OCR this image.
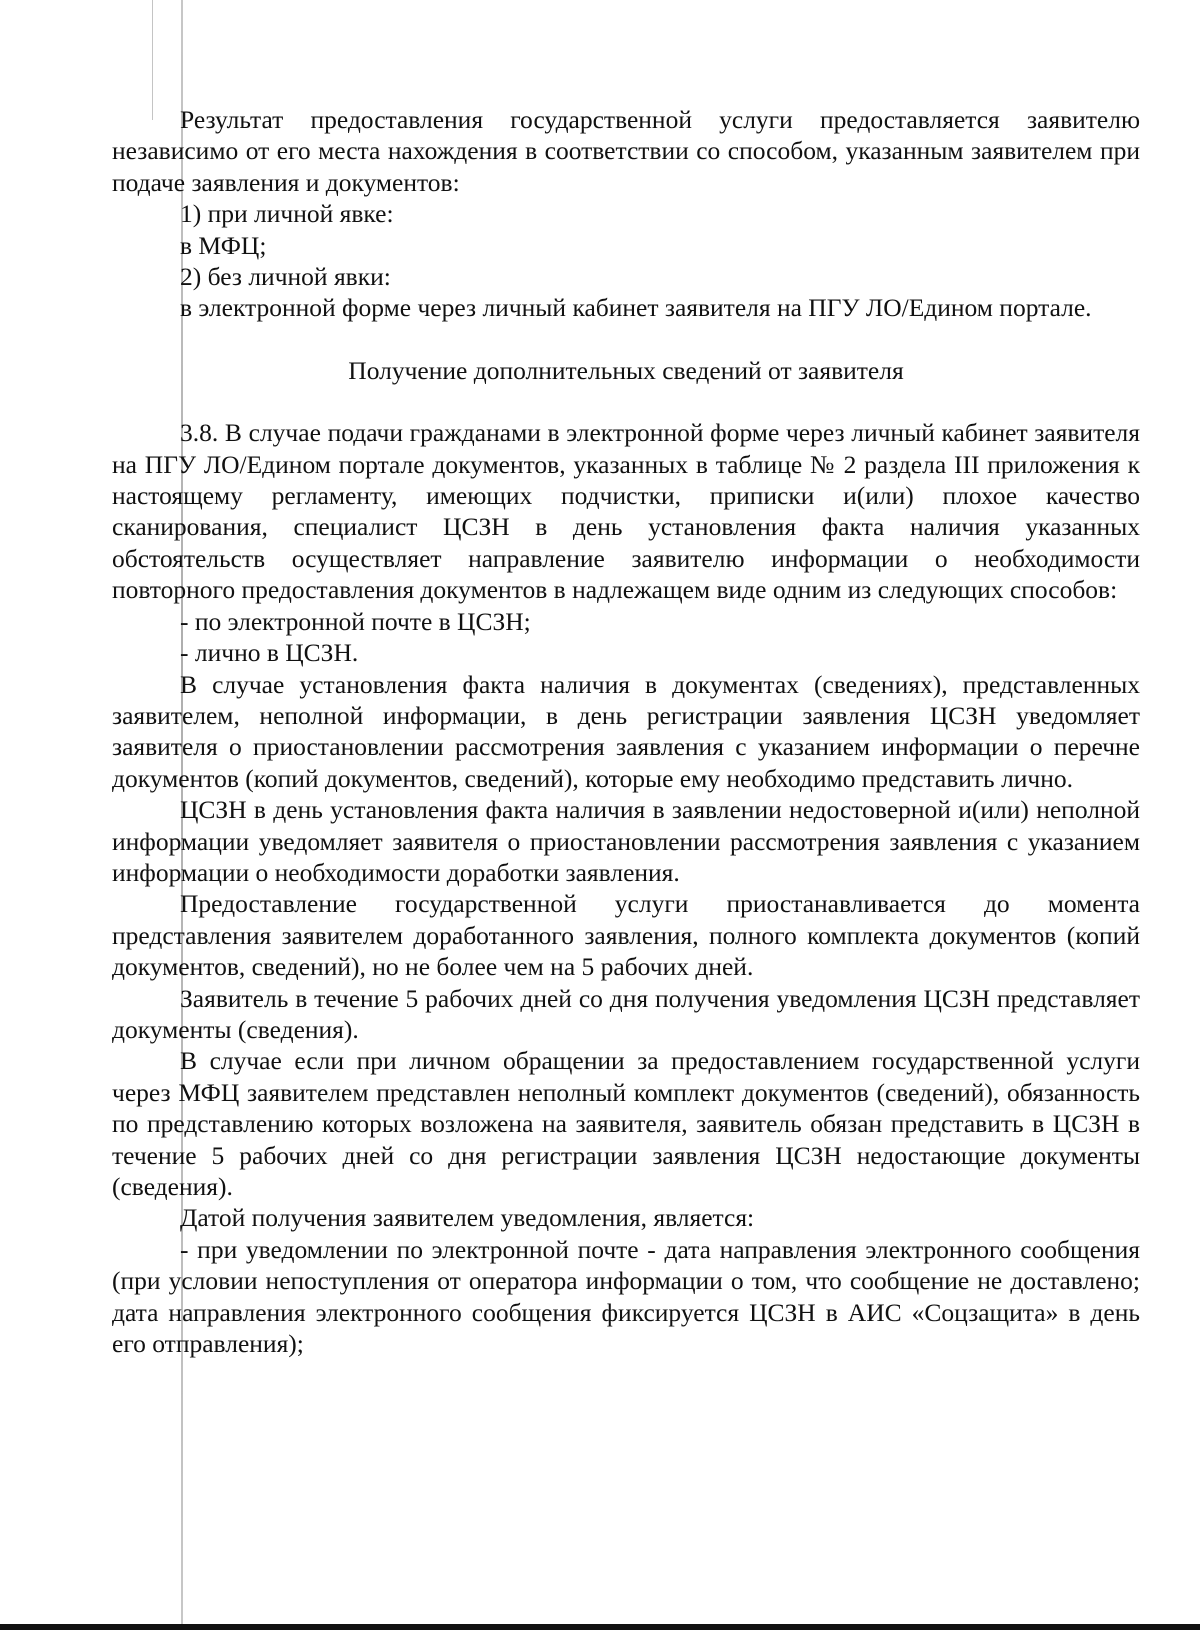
Результат предоставления государственной услуги предоставляется заявителю независимо от его места нахождения в соответствии со способом, указанным заявителем при подаче заявления и документов:

1) при личной явке:

в МФЦ;

2) без личной явки:

в электронной форме через личный кабинет заявителя на ПГУ ЛО/Едином портале.

Получение дополнительных сведений от заявителя

3.8. В случае подачи гражданами в электронной форме через личный кабинет заявителя на ПГУ ЛО/Едином портале документов, указанных в таблице № 2 раздела III приложения к настоящему регламенту, имеющих подчистки, приписки и(или) плохое качество сканирования, специалист ЦСЗН в день установления факта наличия указанных обстоятельств осуществляет направление заявителю информации о необходимости повторного предоставления документов в надлежащем виде одним из следующих способов:

- по электронной почте в ЦСЗН;

- лично в ЦСЗН.

В случае установления факта наличия в документах (сведениях), представленных заявителем, неполной информации, в день регистрации заявления ЦСЗН уведомляет заявителя о приостановлении рассмотрения заявления с указанием информации о перечне документов (копий документов, сведений), которые ему необходимо представить лично.

ЦСЗН в день установления факта наличия в заявлении недостоверной и(или) неполной информации уведомляет заявителя о приостановлении рассмотрения заявления с указанием информации о необходимости доработки заявления.

Предоставление государственной услуги приостанавливается до момента представления заявителем доработанного заявления, полного комплекта документов (копий документов, сведений), но не более чем на 5 рабочих дней.

Заявитель в течение 5 рабочих дней со дня получения уведомления ЦСЗН представляет документы (сведения).

В случае если при личном обращении за предоставлением государственной услуги через МФЦ заявителем представлен неполный комплект документов (сведений), обязанность по представлению которых возложена на заявителя, заявитель обязан представить в ЦСЗН в течение 5 рабочих дней со дня регистрации заявления ЦСЗН недостающие документы (сведения).

Датой получения заявителем уведомления, является:

- при уведомлении по электронной почте - дата направления электронного сообщения (при условии непоступления от оператора информации о том, что сообщение не доставлено; дата направления электронного сообщения фиксируется ЦСЗН в АИС «Соцзащита» в день его отправления);
